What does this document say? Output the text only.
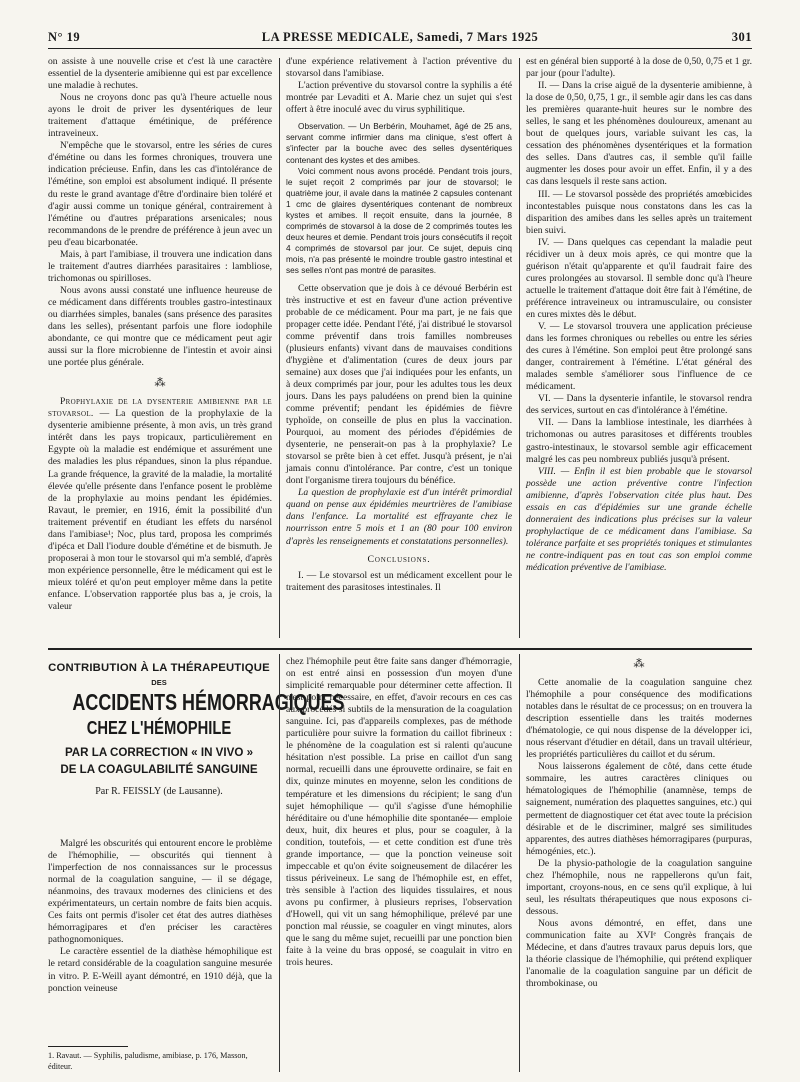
N° 19	LA PRESSE MEDICALE, Samedi, 7 Mars 1925	301

on assiste à une nouvelle crise et c'est là une caractère essentiel de la dysenterie amibienne qui est par excellence une maladie à rechutes.

Nous ne croyons donc pas qu'à l'heure actuelle nous ayons le droit de priver les dysentériques de leur traitement d'attaque émétinique, de préférence intraveineux.

N'empêche que le stovarsol, entre les séries de cures d'émétine ou dans les formes chroniques, trouvera une indication précieuse. Enfin, dans les cas d'intolérance de l'émétine, son emploi est absolument indiqué. Il présente du reste le grand avantage d'être d'ordinaire bien toléré et d'agir aussi comme un tonique général, contrairement à l'émétine ou d'autres préparations arsenicales; nous recommandons de le prendre de préférence à jeun avec un peu d'eau bicarbonatée.

Mais, à part l'amibiase, il trouvera une indication dans le traitement d'autres diarrhées parasitaires : lambliose, trichomonas ou spirilloses.

Nous avons aussi constaté une influence heureuse de ce médicament dans différents troubles gastro-intestinaux ou diarrhées simples, banales (sans présence des parasites dans les selles), présentant parfois une flore iodophile abondante, ce qui montre que ce médicament peut agir aussi sur la flore microbienne de l'intestin et avoir ainsi une portée plus générale.

⁂

Prophylaxie de la dysenterie amibienne par le stovarsol. — La question de la prophylaxie de la dysenterie amibienne présente, à mon avis, un très grand intérêt dans les pays tropicaux, particulièrement en Egypte où la maladie est endémique et assurément une des maladies les plus répandues, sinon la plus répandue. La grande fréquence, la gravité de la maladie, la mortalité élevée qu'elle présente dans l'enfance posent le problème de la prophylaxie au moins pendant les épidémies. Ravaut, le premier, en 1916, émit la possibilité d'un traitement préventif en étudiant les effets du narsénol dans l'amibiase¹; Noc, plus tard, proposa les comprimés d'ipéca et Dall l'iodure double d'émétine et de bismuth. Je proposerai à mon tour le stovarsol qui m'a semblé, d'après mon expérience personnelle, être le médicament qui est le mieux toléré et qu'on peut employer même dans la petite enfance. L'observation rapportée plus bas a, je crois, la valeur

d'une expérience relativement à l'action préventive du stovarsol dans l'amibiase.

L'action préventive du stovarsol contre la syphilis a été montrée par Levaditi et A. Marie chez un sujet qui s'est offert à être inoculé avec du virus syphilitique.

Observation. — Un Berbérin, Mouhamet, âgé de 25 ans, servant comme infirmier dans ma clinique, s'est offert à s'infecter par la bouche avec des selles dysentériques contenant des kystes et des amibes.

Voici comment nous avons procédé. Pendant trois jours, le sujet reçoit 2 comprimés par jour de stovarsol; le quatrième jour, il avale dans la matinée 2 capsules contenant 1 cmc de glaires dysentériques contenant de nombreux kystes et amibes. Il reçoit ensuite, dans la journée, 8 comprimés de stovarsol à la dose de 2 comprimés toutes les deux heures et demie. Pendant trois jours consécutifs il reçoit 4 comprimés de stovarsol par jour. Ce sujet, depuis cinq mois, n'a pas présenté le moindre trouble gastro intestinal et ses selles n'ont pas montré de parasites.

Cette observation que je dois à ce dévoué Berbérin est très instructive et est en faveur d'une action préventive probable de ce médicament. Pour ma part, je ne fais que propager cette idée. Pendant l'été, j'ai distribué le stovarsol comme préventif dans trois familles nombreuses (plusieurs enfants) vivant dans de mauvaises conditions d'hygiène et d'alimentation (cures de deux jours par semaine) aux doses que j'ai indiquées pour les enfants, un à deux comprimés par jour, pour les adultes tous les deux jours. Dans les pays paludéens on prend bien la quinine comme préventif; pendant les épidémies de fièvre typhoïde, on conseille de plus en plus la vaccination. Pourquoi, au moment des périodes d'épidémies de dysenterie, ne penserait-on pas à la prophylaxie? Le stovarsol se prête bien à cet effet. Jusqu'à présent, je n'ai jamais connu d'intolérance. Par contre, c'est un tonique dont l'organisme tirera toujours du bénéfice.

La question de prophylaxie est d'un intérêt primordial quand on pense aux épidémies meurtrières de l'amibiase dans l'enfance. La mortalité est effrayante chez le nourrisson entre 5 mois et 1 an (80 pour 100 environ d'après les renseignements et constatations personnelles).

Conclusions.

I. — Le stovarsol est un médicament excellent pour le traitement des parasitoses intestinales. Il

est en général bien supporté à la dose de 0,50, 0,75 et 1 gr. par jour (pour l'adulte).

II. — Dans la crise aiguë de la dysenterie amibienne, à la dose de 0,50, 0,75, 1 gr., il semble agir dans les cas dans les premières quarante-huit heures sur le nombre des selles, le sang et les phénomènes douloureux, amenant au bout de quelques jours, variable suivant les cas, la cessation des phénomènes dysentériques et la formation des selles. Dans d'autres cas, il semble qu'il faille augmenter les doses pour avoir un effet. Enfin, il y a des cas dans lesquels il reste sans action.

III. — Le stovarsol possède des propriétés amœbicides incontestables puisque nous constatons dans les cas la disparition des amibes dans les selles après un traitement bien suivi.

IV. — Dans quelques cas cependant la maladie peut récidiver un à deux mois après, ce qui montre que la guérison n'était qu'apparente et qu'il faudrait faire des cures prolongées au stovarsol. Il semble donc qu'à l'heure actuelle le traitement d'attaque doit être fait à l'émétine, de préférence intraveineux ou intramusculaire, ou consister en cures mixtes dès le début.

V. — Le stovarsol trouvera une application précieuse dans les formes chroniques ou rebelles ou entre les séries des cures à l'émétine. Son emploi peut être prolongé sans danger, contrairement à l'émétine. L'état général des malades semble s'améliorer sous l'influence de ce médicament.

VI. — Dans la dysenterie infantile, le stovarsol rendra des services, surtout en cas d'intolérance à l'émétine.

VII. — Dans la lambliose intestinale, les diarrhées à trichomonas ou autres parasitoses et différents troubles gastro-intestinaux, le stovarsol semble agir efficacement malgré les cas peu nombreux publiés jusqu'à présent.

VIII. — Enfin il est bien probable que le stovarsol possède une action préventive contre l'infection amibienne, d'après l'observation citée plus haut. Des essais en cas d'épidémies sur une grande échelle donneraient des indications plus précises sur la valeur prophylactique de ce médicament dans l'amibiase. Sa tolérance parfaite et ses propriétés toniques et stimulantes ne contre-indiquent pas en tout cas son emploi comme médication préventive de l'amibiase.

CONTRIBUTION À LA THÉRAPEUTIQUE
DES
ACCIDENTS HÉMORRAGIQUES
CHEZ L'HÉMOPHILE
PAR LA CORRECTION « IN VIVO »
DE LA COAGULABILITÉ SANGUINE
Par R. FEISSLY (de Lausanne).

Malgré les obscurités qui entourent encore le problème de l'hémophilie, — obscurités qui tiennent à l'imperfection de nos connaissances sur le processus normal de la coagulation sanguine, — il se dégage, néanmoins, des travaux modernes des cliniciens et des expérimentateurs, un certain nombre de faits bien acquis. Ces faits ont permis d'isoler cet état des autres diathèses hémorragipares et d'en préciser les caractères pathognomoniques.

Le caractère essentiel de la diathèse hémophilique est le retard considérable de la coagulation sanguine mesurée in vitro. P. E-Weill ayant démontré, en 1910 déjà, que la ponction veineuse

1. Ravaut. — Syphilis, paludisme, amibiase, p. 176, Masson, éditeur.

chez l'hémophile peut être faite sans danger d'hémorragie, on est entré ainsi en possession d'un moyen d'une simplicité remarquable pour déterminer cette affection. Il n'est point nécessaire, en effet, d'avoir recours en ces cas aux procédés si subtils de la mensuration de la coagulation sanguine. Ici, pas d'appareils complexes, pas de méthode particulière pour suivre la formation du caillot fibrineux : le phénomène de la coagulation est si ralenti qu'aucune hésitation n'est possible. La prise en caillot d'un sang normal, recueilli dans une éprouvette ordinaire, se fait en dix, quinze minutes en moyenne, selon les conditions de température et les dimensions du récipient; le sang d'un sujet hémophilique — qu'il s'agisse d'une hémophilie héréditaire ou d'une hémophilie dite spontanée— emploie deux, huit, dix heures et plus, pour se coaguler, à la condition, toutefois, — et cette condition est d'une très grande importance, — que la ponction veineuse soit impeccable et qu'on évite soigneusement de dilacérer les tissus périveineux. Le sang de l'hémophile est, en effet, très sensible à l'action des liquides tissulaires, et nous avons pu confirmer, à plusieurs reprises, l'observation d'Howell, qui vit un sang hémophilique, prélevé par une ponction mal réussie, se coaguler en vingt minutes, alors que le sang du même sujet, recueilli par une ponction bien faite à la veine du bras opposé, se coagulait in vitro en trois heures.

⁂

Cette anomalie de la coagulation sanguine chez l'hémophile a pour conséquence des modifications notables dans le résultat de ce processus; on en trouvera la description essentielle dans les traités modernes d'hématologie, ce qui nous dispense de la développer ici, nous réservant d'étudier en détail, dans un travail ultérieur, les propriétés particulières du caillot et du sérum.

Nous laisserons également de côté, dans cette étude sommaire, les autres caractères cliniques ou hématologiques de l'hémophilie (anamnèse, temps de saignement, numération des plaquettes sanguines, etc.) qui permettent de diagnostiquer cet état avec toute la précision désirable et de le discriminer, malgré ses similitudes apparentes, des autres diathèses hémorragipares (purpuras, hémogénies, etc.).

De la physio-pathologie de la coagulation sanguine chez l'hémophile, nous ne rappellerons qu'un fait, important, croyons-nous, en ce sens qu'il explique, à lui seul, les résultats thérapeutiques que nous exposons ci-dessous.

Nous avons démontré, en effet, dans une communication faite au XVIᵉ Congrès français de Médecine, et dans d'autres travaux parus depuis lors, que la théorie classique de l'hémophilie, qui prétend expliquer l'anomalie de la coagulation sanguine par un déficit de thrombokinase, ou
